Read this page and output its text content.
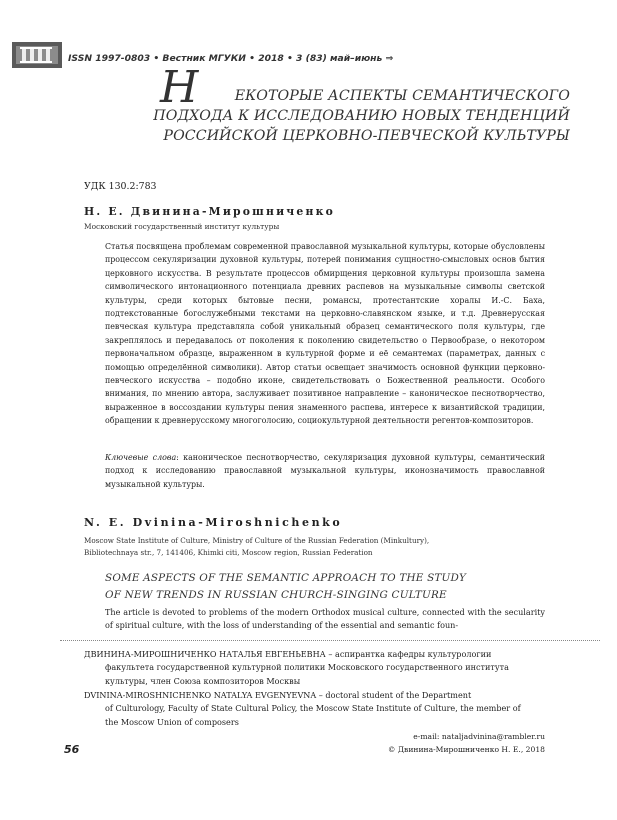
ISSN 1997-0803 • Вестник МГУКИ • 2018 • 3 (83) май–июнь ⇒
Н	ЕКОТОРЫЕ АСПЕКТЫ СЕМАНТИЧЕСКОГО
ПОДХОДА К ИССЛЕДОВАНИЮ НОВЫХ ТЕНДЕНЦИЙ
РОССИЙСКОЙ ЦЕРКОВНО-ПЕВЧЕСКОЙ КУЛЬТУРЫ
УДК 130.2:783
Н. Е. Двинина-Мирошниченко
Московский государственный институт культуры

Статья посвящена проблемам современной православной музыкальной культуры, которые обусловлены процессом секуляризации духовной культуры, потерей понимания сущностно-смысловых основ бытия церковного искусства. В результате процессов обмирщения церковной культуры произошла замена символического интонационного потенциала древних распевов на музыкальные символы светской культуры, среди которых бытовые песни, романсы, протестантские хоралы И.-С. Баха, подтекстованные богослужебными текстами на церковно-славянском языке, и т.д. Древнерусская певческая культура представляла собой уникальный образец семантического поля культуры, где закреплялось и передавалось от поколения к поколению свидетельство о Первообразе, о некотором первоначальном образце, выраженном в культурной форме и её семантемах (параметрах, данных с помощью определённой символики). Автор статьи освещает значимость основной функции церковно-певческого искусства – подобно иконе, свидетельствовать о Божественной реальности. Особого внимания, по мнению автора, заслуживает позитивное направление – каноническое песнотворчество, выраженное в воссоздании культуры пения знаменного распева, интересе к византийской традиции, обращении к древнерусскому многоголосию, социокультурной деятельности регентов-композиторов.

Ключевые слова: каноническое песнотворчество, секуляризация духовной культуры, семантический подход к исследованию православной музыкальной культуры, иконозначимость православной музыкальной культуры.
N. E. Dvinina-Miroshnichenko
Moscow State Institute of Culture, Ministry of Culture of the Russian Federation (Minkultury),
Bibliotechnaya str., 7, 141406, Khimki citi, Moscow region, Russian Federation
SOME ASPECTS OF THE SEMANTIC APPROACH TO THE STUDY
OF NEW TRENDS IN RUSSIAN CHURCH-SINGING CULTURE
The article is devoted to problems of the modern Orthodox musical culture, connected with the secularity of spiritual culture, with the loss of understanding of the essential and semantic foun-
ДВИНИНА-МИРОШНИЧЕНКО НАТАЛЬЯ ЕВГЕНЬЕВНА – аспирантка кафедры культурологии
факультета государственной культурной политики Московского государственного института культуры, член Союза композиторов Москвы
DVININA-MIROSHNICHENKO NATALYA EVGENYEVNA – doctoral student of the Department
of Culturology, Faculty of State Cultural Policy, the Moscow State Institute of Culture, the member of the Moscow Union of composers
e-mail: nataljadvinina@rambler.ru
© Двинина-Мирошниченко Н. Е., 2018
56
